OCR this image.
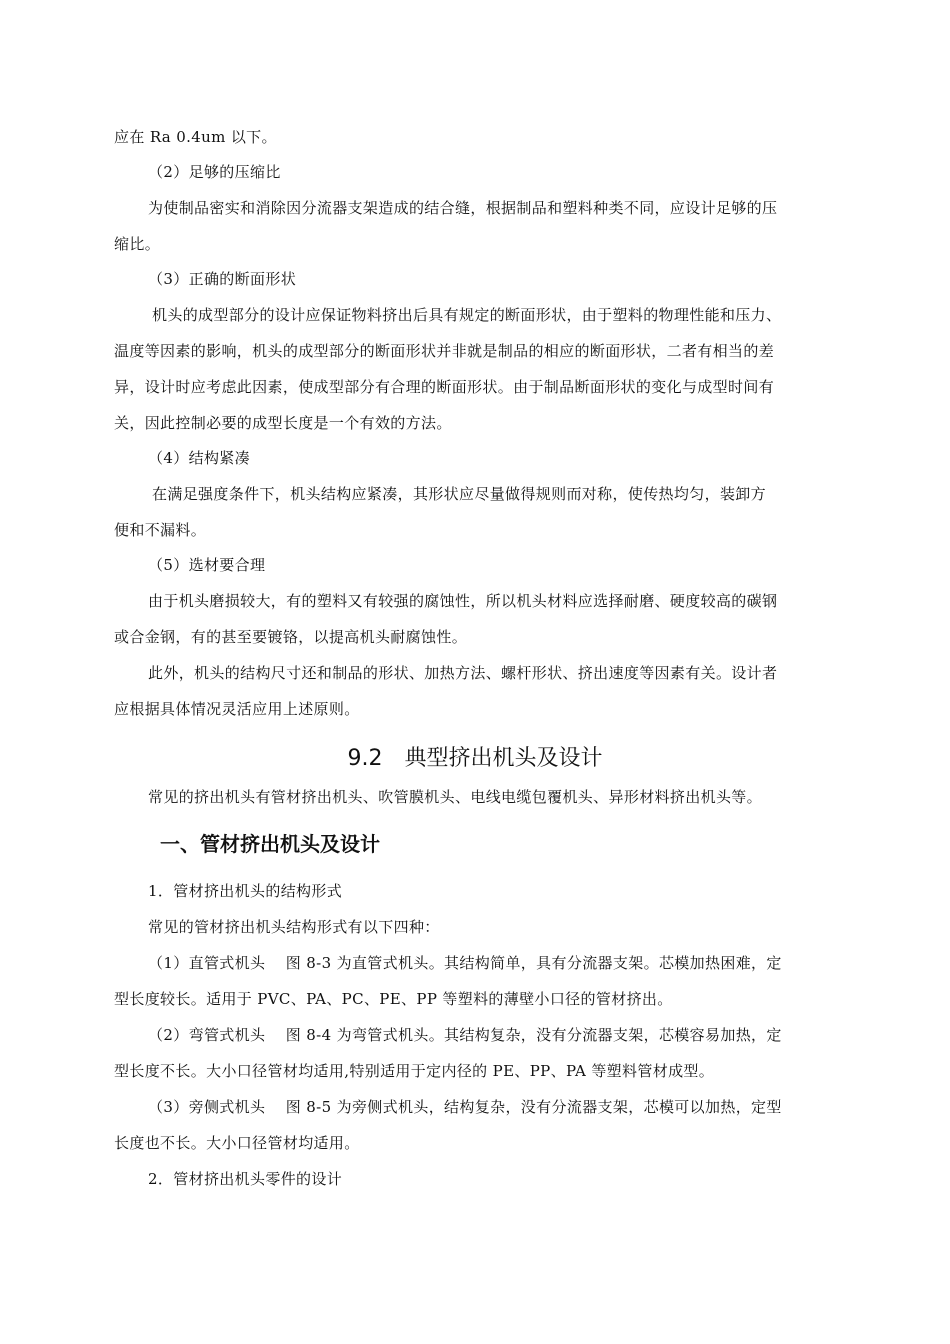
应在 Ra 0.4um 以下。
（2）足够的压缩比
为使制品密实和消除因分流器支架造成的结合缝，根据制品和塑料种类不同，应设计足够的压
缩比。
（3）正确的断面形状
机头的成型部分的设计应保证物料挤出后具有规定的断面形状，由于塑料的物理性能和压力、
温度等因素的影响，机头的成型部分的断面形状并非就是制品的相应的断面形状，二者有相当的差
异，设计时应考虑此因素，使成型部分有合理的断面形状。由于制品断面形状的变化与成型时间有
关，因此控制必要的成型长度是一个有效的方法。
（4）结构紧凑
在满足强度条件下，机头结构应紧凑，其形状应尽量做得规则而对称，使传热均匀，装卸方
便和不漏料。
（5）选材要合理
由于机头磨损较大，有的塑料又有较强的腐蚀性，所以机头材料应选择耐磨、硬度较高的碳钢
或合金钢，有的甚至要镀铬，以提高机头耐腐蚀性。
此外，机头的结构尺寸还和制品的形状、加热方法、螺杆形状、挤出速度等因素有关。设计者
应根据具体情况灵活应用上述原则。
9.2　典型挤出机头及设计
常见的挤出机头有管材挤出机头、吹管膜机头、电线电缆包覆机头、异形材料挤出机头等。
一、管材挤出机头及设计
1．管材挤出机头的结构形式
常见的管材挤出机头结构形式有以下四种：
（1）直管式机头　 图 8-3 为直管式机头。其结构简单，具有分流器支架。芯模加热困难，定
型长度较长。适用于 PVC、PA、PC、PE、PP 等塑料的薄壁小口径的管材挤出。
（2）弯管式机头　 图 8-4 为弯管式机头。其结构复杂，没有分流器支架，芯模容易加热，定
型长度不长。大小口径管材均适用,特别适用于定内径的 PE、PP、PA 等塑料管材成型。
（3）旁侧式机头　 图 8-5 为旁侧式机头，结构复杂，没有分流器支架，芯模可以加热，定型
长度也不长。大小口径管材均适用。
2．管材挤出机头零件的设计
